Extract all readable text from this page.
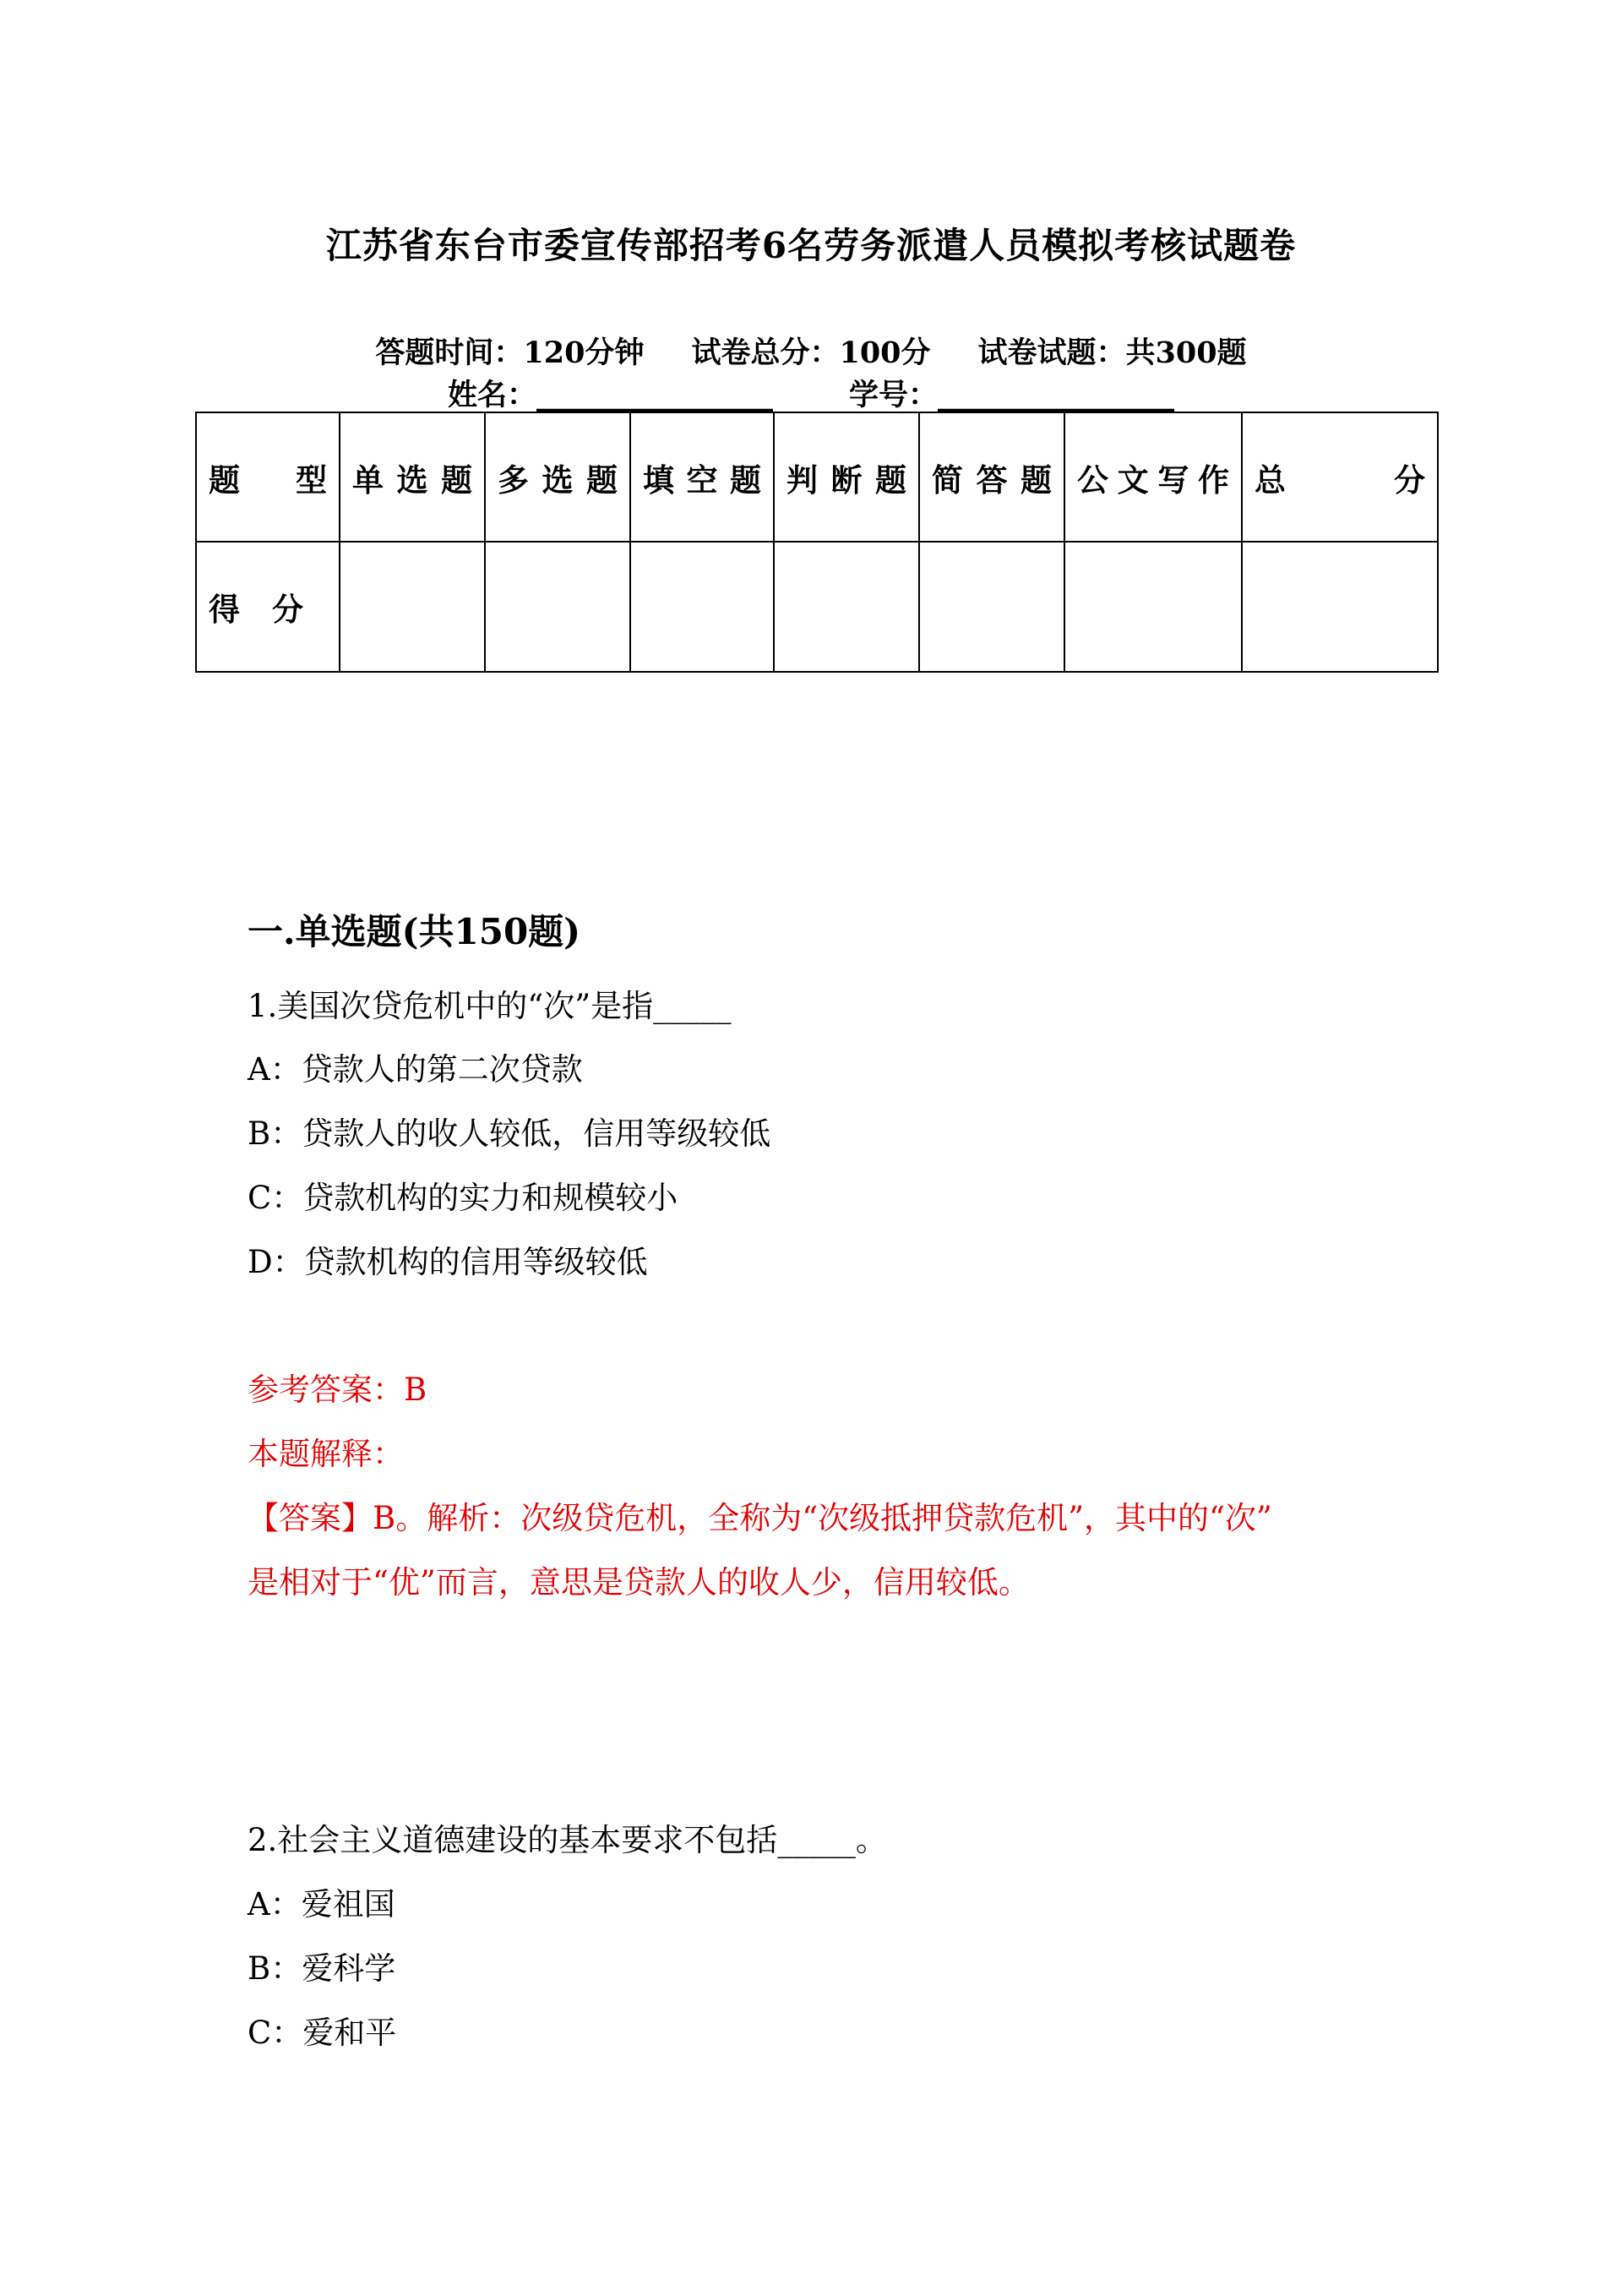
江苏省东台市委宣传部招考6名劳务派遣人员模拟考核试题卷
答题时间：120分钟 试卷总分：100分 试卷试题：共300题
姓名：________________	学号：________________
题 型	单 选 题	多 选 题	填 空 题	判 断 题	简 答 题	公 文 写 作	总 分

得 分							

一.单选题(共150题)
1.美国次贷危机中的“次”是指_____
A：贷款人的第二次贷款
B：贷款人的收人较低，信用等级较低
C：贷款机构的实力和规模较小
D：贷款机构的信用等级较低
参考答案：B
本题解释：
【答案】B。解析：次级贷危机，全称为“次级抵押贷款危机”，其中的“次”
是相对于“优”而言，意思是贷款人的收人少，信用较低。
2.社会主义道德建设的基本要求不包括_____。
A：爱祖国
B：爱科学
C：爱和平
